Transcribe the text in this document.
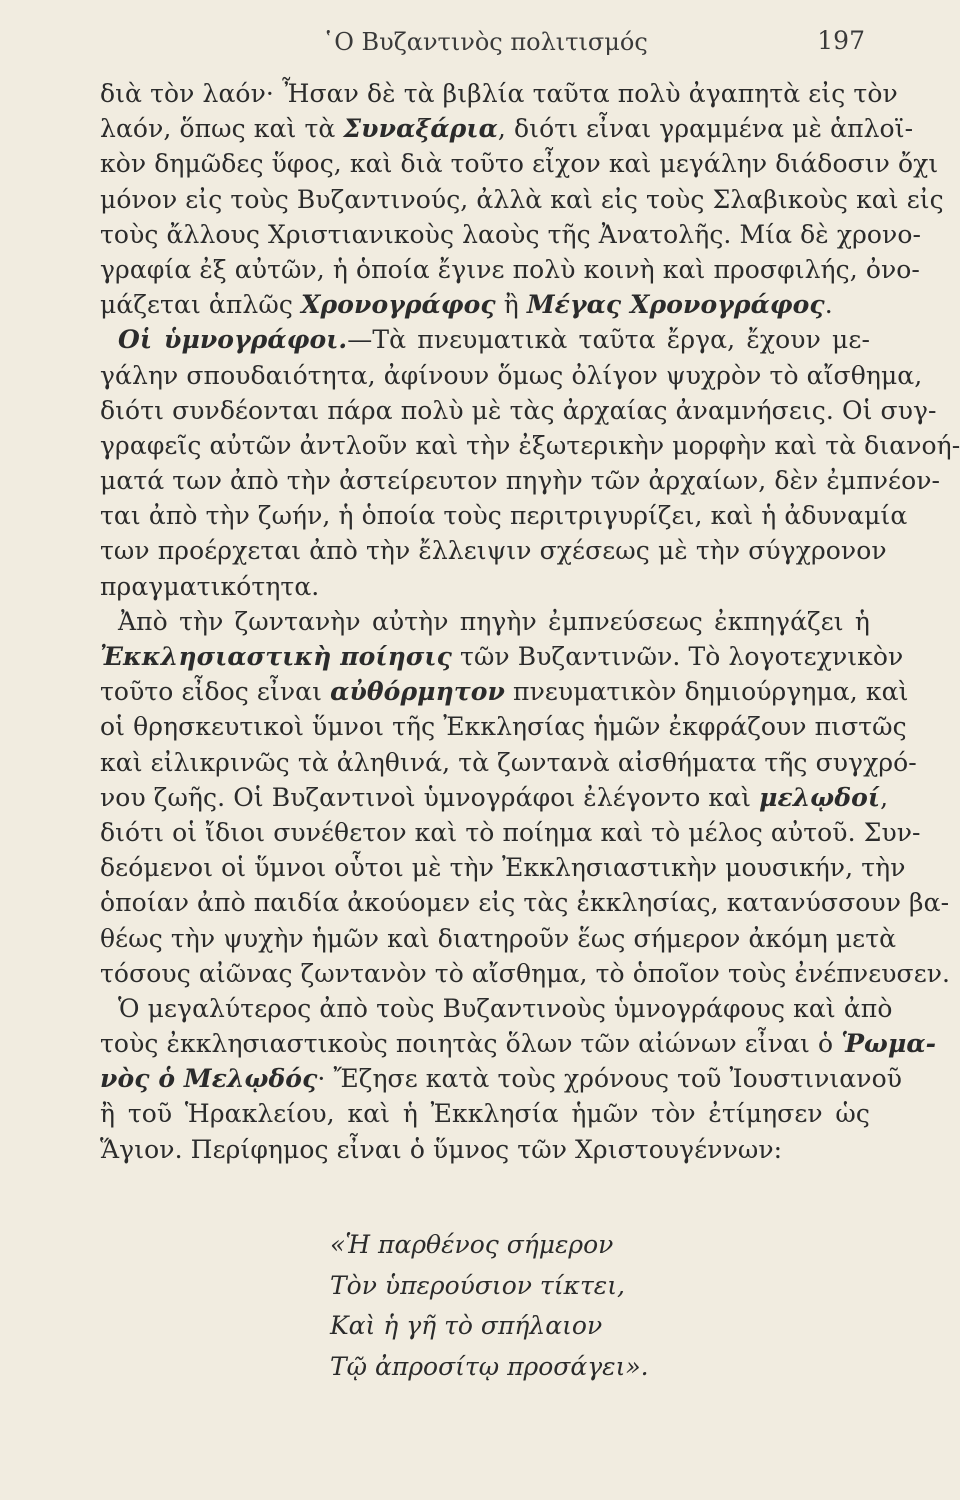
῾Ο Βυζαντινὸς πολιτισμός	197
διὰ τὸν λαόν· Ἦσαν δὲ τὰ βιβλία ταῦτα πολὺ ἀγαπητὰ εἰς τὸν
λαόν, ὅπως καὶ τὰ Συναξάρια, διότι εἶναι γραμμένα μὲ ἁπλοϊ-
κὸν δημῶδες ὕφος, καὶ διὰ τοῦτο εἶχον καὶ μεγάλην διάδοσιν ὄχι
μόνον εἰς τοὺς Βυζαντινούς, ἀλλὰ καὶ εἰς τοὺς Σλαβικοὺς καὶ εἰς
τοὺς ἄλλους Χριστιανικοὺς λαοὺς τῆς Ἀνατολῆς. Μία δὲ χρονο-
γραφία ἐξ αὐτῶν, ἡ ὁποία ἔγινε πολὺ κοινὴ καὶ προσφιλής, ὀνο-
μάζεται ἁπλῶς Χρονογράφος ἢ Μέγας Χρονογράφος.
Οἱ ὑμνογράφοι.—Τὰ πνευματικὰ ταῦτα ἔργα, ἔχουν με-
γάλην σπουδαιότητα, ἀφίνουν ὅμως ὀλίγον ψυχρὸν τὸ αἴσθημα,
διότι συνδέονται πάρα πολὺ μὲ τὰς ἀρχαίας ἀναμνήσεις. Οἱ συγ-
γραφεῖς αὐτῶν ἀντλοῦν καὶ τὴν ἐξωτερικὴν μορφὴν καὶ τὰ διανοή-
ματά των ἀπὸ τὴν ἀστείρευτον πηγὴν τῶν ἀρχαίων, δὲν ἐμπνέον-
ται ἀπὸ τὴν ζωήν, ἡ ὁποία τοὺς περιτριγυρίζει, καὶ ἡ ἀδυναμία
των προέρχεται ἀπὸ τὴν ἔλλειψιν σχέσεως μὲ τὴν σύγχρονον
πραγματικότητα.
Ἀπὸ τὴν ζωντανὴν αὐτὴν πηγὴν ἐμπνεύσεως ἐκπηγάζει ἡ
Ἐκκλησιαστικὴ ποίησις τῶν Βυζαντινῶν. Τὸ λογοτεχνικὸν
τοῦτο εἶδος εἶναι αὐθόρμητον πνευματικὸν δημιούργημα, καὶ
οἱ θρησκευτικοὶ ὕμνοι τῆς Ἐκκλησίας ἡμῶν ἐκφράζουν πιστῶς
καὶ εἰλικρινῶς τὰ ἀληθινά, τὰ ζωντανὰ αἰσθήματα τῆς συγχρό-
νου ζωῆς. Οἱ Βυζαντινοὶ ὑμνογράφοι ἐλέγοντο καὶ μελῳδοί,
διότι οἱ ἴδιοι συνέθετον καὶ τὸ ποίημα καὶ τὸ μέλος αὐτοῦ. Συν-
δεόμενοι οἱ ὕμνοι οὗτοι μὲ τὴν Ἐκκλησιαστικὴν μουσικήν, τὴν
ὁποίαν ἀπὸ παιδία ἀκούομεν εἰς τὰς ἐκκλησίας, κατανύσσουν βα-
θέως τὴν ψυχὴν ἡμῶν καὶ διατηροῦν ἕως σήμερον ἀκόμη μετὰ
τόσους αἰῶνας ζωντανὸν τὸ αἴσθημα, τὸ ὁποῖον τοὺς ἐνέπνευσεν.
Ὁ μεγαλύτερος ἀπὸ τοὺς Βυζαντινοὺς ὑμνογράφους καὶ ἀπὸ
τοὺς ἐκκλησιαστικοὺς ποιητὰς ὅλων τῶν αἰώνων εἶναι ὁ Ῥωμα-
νὸς ὁ Μελῳδός· Ἔζησε κατὰ τοὺς χρόνους τοῦ Ἰουστινιανοῦ
ἢ τοῦ Ἡρακλείου, καὶ ἡ Ἐκκλησία ἡμῶν τὸν ἐτίμησεν ὡς
Ἅγιον. Περίφημος εἶναι ὁ ὕμνος τῶν Χριστουγέννων:
«Ἡ παρθένος σήμερον
Τὸν ὑπερούσιον τίκτει,
Καὶ ἡ γῆ τὸ σπήλαιον
Τῷ ἀπροσίτῳ προσάγει».
